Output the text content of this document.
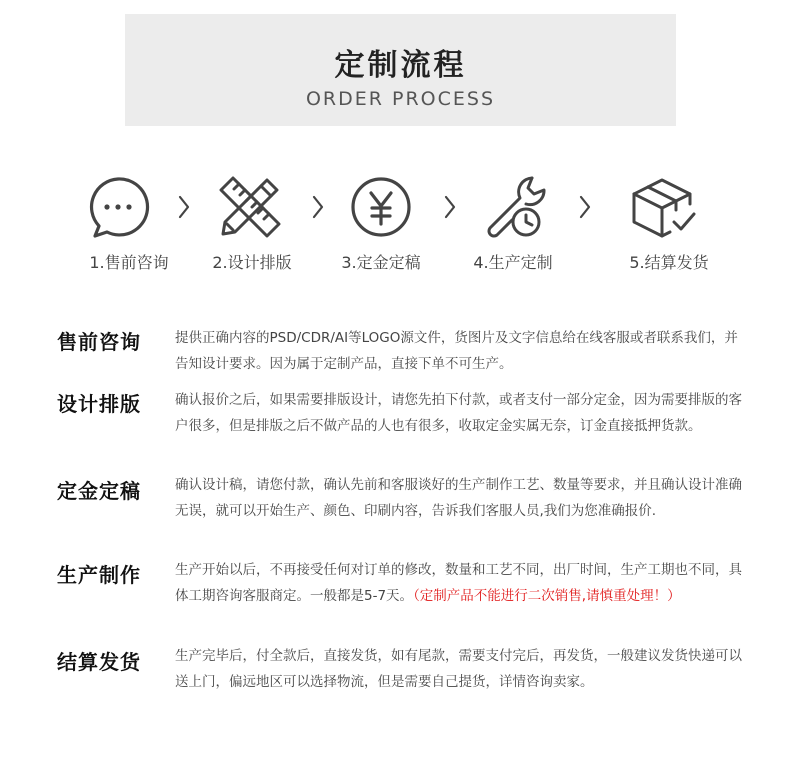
定制流程
ORDER PROCESS
1.售前咨询	2.设计排版	3.定金定稿	4.生产定制	5.结算发货
售前咨询	提供正确内容的PSD/CDR/AI等LOGO源文件，货图片及文字信息给在线客服或者联系我们，并告知设计要求。因为属于定制产品，直接下单不可生产。
设计排版	确认报价之后，如果需要排版设计，请您先拍下付款，或者支付一部分定金，因为需要排版的客户很多，但是排版之后不做产品的人也有很多，收取定金实属无奈，订金直接抵押货款。
定金定稿	确认设计稿，请您付款，确认先前和客服谈好的生产制作工艺、数量等要求，并且确认设计准确无误，就可以开始生产、颜色、印刷内容，告诉我们客服人员,我们为您准确报价.
生产制作	生产开始以后，不再接受任何对订单的修改，数量和工艺不同，出厂时间，生产工期也不同，具体工期咨询客服商定。一般都是5-7天。（定制产品不能进行二次销售,请慎重处理！）
结算发货	生产完毕后，付全款后，直接发货，如有尾款，需要支付完后，再发货，一般建议发货快递可以送上门，偏远地区可以选择物流，但是需要自己提货，详情咨询卖家。
